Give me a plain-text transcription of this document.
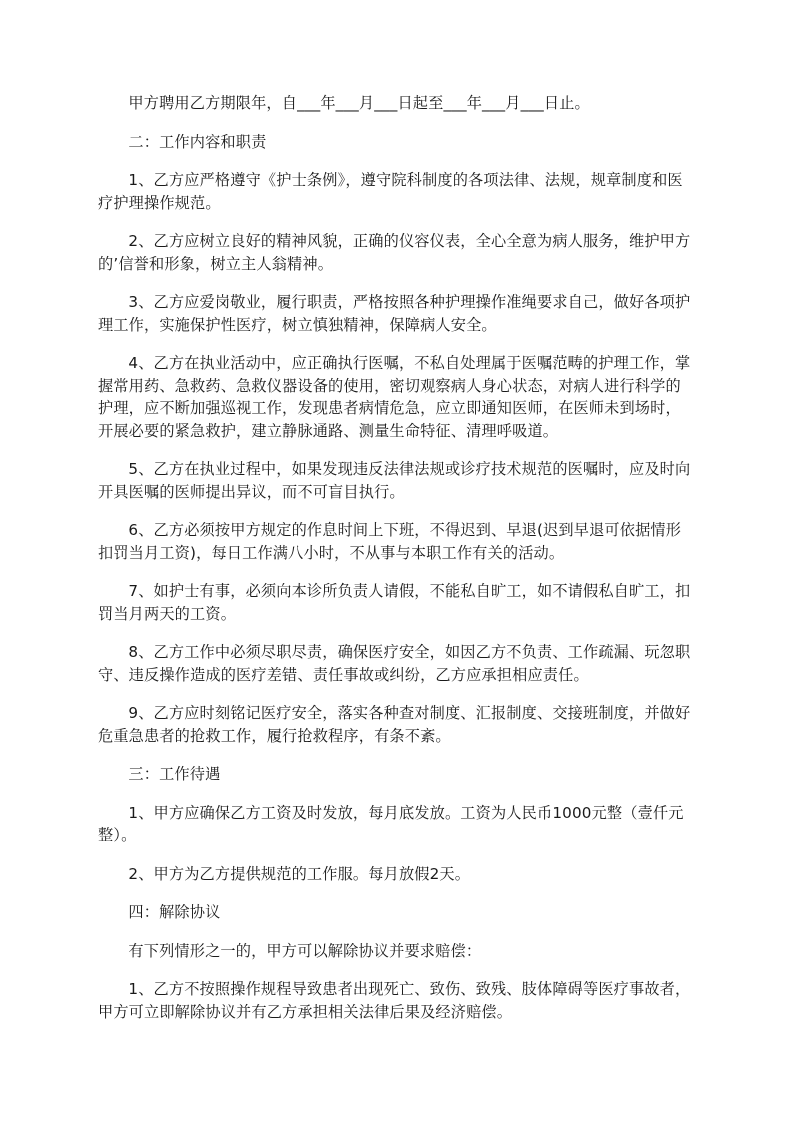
甲方聘用乙方期限年，自___年___月___日起至___年___月___日止。

二：工作内容和职责

1、乙方应严格遵守《护士条例》，遵守院科制度的各项法律、法规，规章制度和医疗护理操作规范。

2、乙方应树立良好的精神风貌，正确的仪容仪表，全心全意为病人服务，维护甲方的’信誉和形象，树立主人翁精神。

3、乙方应爱岗敬业，履行职责，严格按照各种护理操作准绳要求自己，做好各项护理工作，实施保护性医疗，树立慎独精神，保障病人安全。

4、乙方在执业活动中，应正确执行医嘱，不私自处理属于医嘱范畴的护理工作，掌握常用药、急救药、急救仪器设备的使用，密切观察病人身心状态，对病人进行科学的护理，应不断加强巡视工作，发现患者病情危急，应立即通知医师，在医师未到场时，开展必要的紧急救护，建立静脉通路、测量生命特征、清理呼吸道。

5、乙方在执业过程中，如果发现违反法律法规或诊疗技术规范的医嘱时，应及时向开具医嘱的医师提出异议，而不可盲目执行。

6、乙方必须按甲方规定的作息时间上下班，不得迟到、早退(迟到早退可依据情形扣罚当月工资)，每日工作满八小时，不从事与本职工作有关的活动。

7、如护士有事，必须向本诊所负责人请假，不能私自旷工，如不请假私自旷工，扣罚当月两天的工资。

8、乙方工作中必须尽职尽责，确保医疗安全，如因乙方不负责、工作疏漏、玩忽职守、违反操作造成的医疗差错、责任事故或纠纷，乙方应承担相应责任。

9、乙方应时刻铭记医疗安全，落实各种查对制度、汇报制度、交接班制度，并做好危重急患者的抢救工作，履行抢救程序，有条不紊。

三：工作待遇

1、甲方应确保乙方工资及时发放，每月底发放。工资为人民币1000元整（壹仟元整）。

2、甲方为乙方提供规范的工作服。每月放假2天。

四：解除协议

有下列情形之一的，甲方可以解除协议并要求赔偿：

1、乙方不按照操作规程导致患者出现死亡、致伤、致残、肢体障碍等医疗事故者，甲方可立即解除协议并有乙方承担相关法律后果及经济赔偿。
